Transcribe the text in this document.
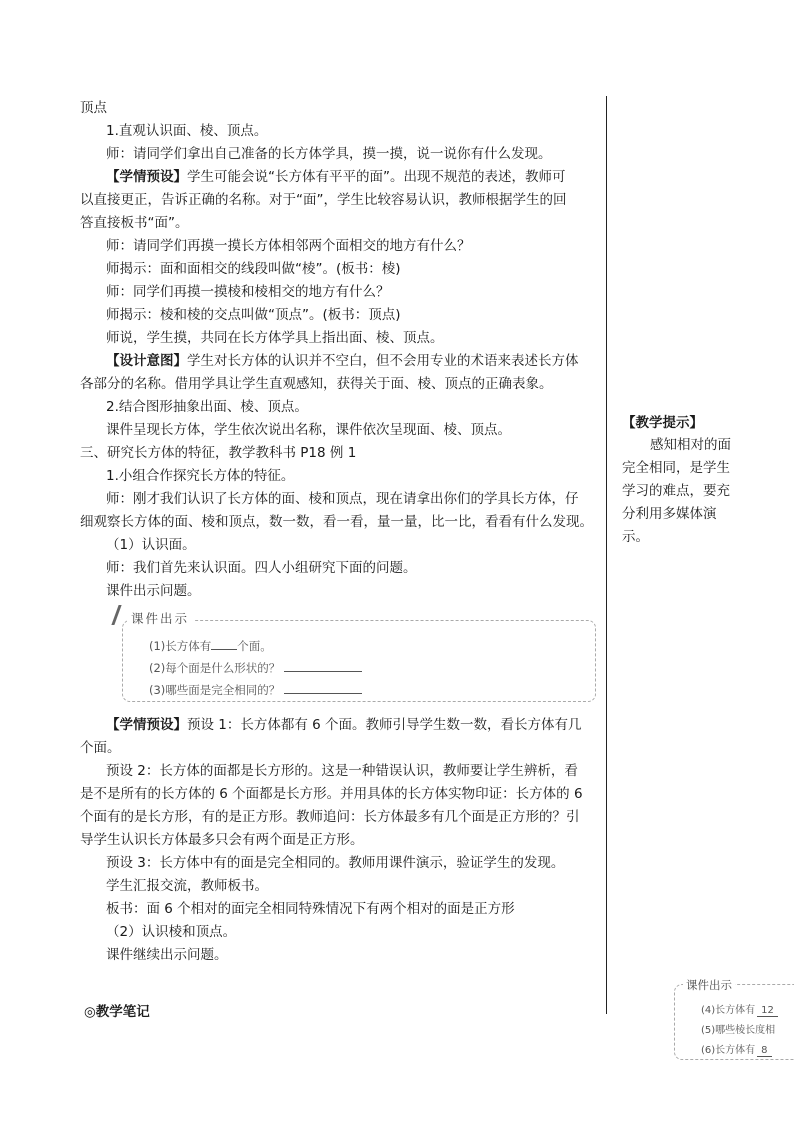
顶点
1.直观认识面、棱、顶点。
师：请同学们拿出自己准备的长方体学具，摸一摸，说一说你有什么发现。
【学情预设】学生可能会说“长方体有平平的面”。出现不规范的表述，教师可
以直接更正，告诉正确的名称。对于“面”，学生比较容易认识，教师根据学生的回
答直接板书“面”。
师：请同学们再摸一摸长方体相邻两个面相交的地方有什么？
师揭示：面和面相交的线段叫做“棱”。(板书：棱)
师：同学们再摸一摸棱和棱相交的地方有什么？
师揭示：棱和棱的交点叫做“顶点”。(板书：顶点)
师说，学生摸，共同在长方体学具上指出面、棱、顶点。
【设计意图】学生对长方体的认识并不空白，但不会用专业的术语来表述长方体
各部分的名称。借用学具让学生直观感知，获得关于面、棱、顶点的正确表象。
2.结合图形抽象出面、棱、顶点。
课件呈现长方体，学生依次说出名称，课件依次呈现面、棱、顶点。
三、研究长方体的特征，教学教科书 P18 例 1
1.小组合作探究长方体的特征。
师：刚才我们认识了长方体的面、棱和顶点，现在请拿出你们的学具长方体，仔
细观察长方体的面、棱和顶点，数一数，看一看，量一量，比一比，看看有什么发现。
（1）认识面。
师：我们首先来认识面。四人小组研究下面的问题。
课件出示问题。
【学情预设】预设 1：长方体都有 6 个面。教师引导学生数一数，看长方体有几
个面。
预设 2：长方体的面都是长方形的。这是一种错误认识，教师要让学生辨析，看
是不是所有的长方体的 6 个面都是长方形。并用具体的长方体实物印证：长方体的 6
个面有的是长方形，有的是正方形。教师追问：长方体最多有几个面是正方形的？引
导学生认识长方体最多只会有两个面是正方形。
预设 3：长方体中有的面是完全相同的。教师用课件演示，验证学生的发现。
学生汇报交流，教师板书。
板书：面 6 个相对的面完全相同特殊情况下有两个相对的面是正方形
（2）认识棱和顶点。
课件继续出示问题。
课件出示
(1)长方体有 个面。
(2)每个面是什么形状的？
(3)哪些面是完全相同的？
【教学提示】
感知相对的面完全相同，是学生学习的难点，要充分利用多媒体演示。
◎教学笔记
课件出示
(4)长方体有 12
(5)哪些棱长度相
(6)长方体有 8
